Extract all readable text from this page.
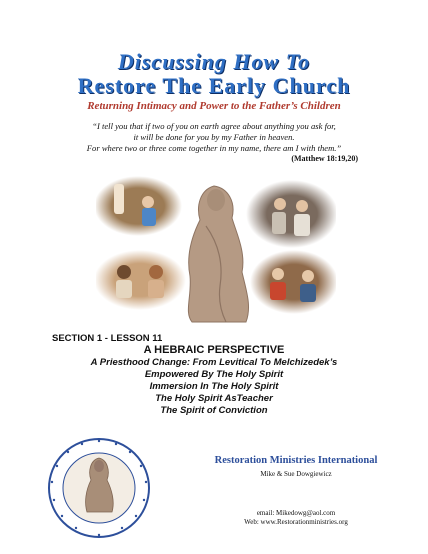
Discussing How To
Restore The Early Church
Returning Intimacy and Power to the Father’s Children
“I tell you that if two of you on earth agree about anything you ask for,
it will be done for you by my Father in heaven.
For where two or three come together in my name, there am I with them.”
(Matthew 18:19,20)
SECTION 1 - LESSON 11
A HEBRAIC PERSPECTIVE
A Priesthood Change: From Levitical To Melchizedek’s
Empowered By The Holy Spirit
Immersion In The Holy Spirit
The Holy Spirit AsTeacher
The Spirit of Conviction
Restoration Ministries International
Mike & Sue Dowgiewicz
email: Mikedowg@aol.com
Web: www.Restorationministries.org
